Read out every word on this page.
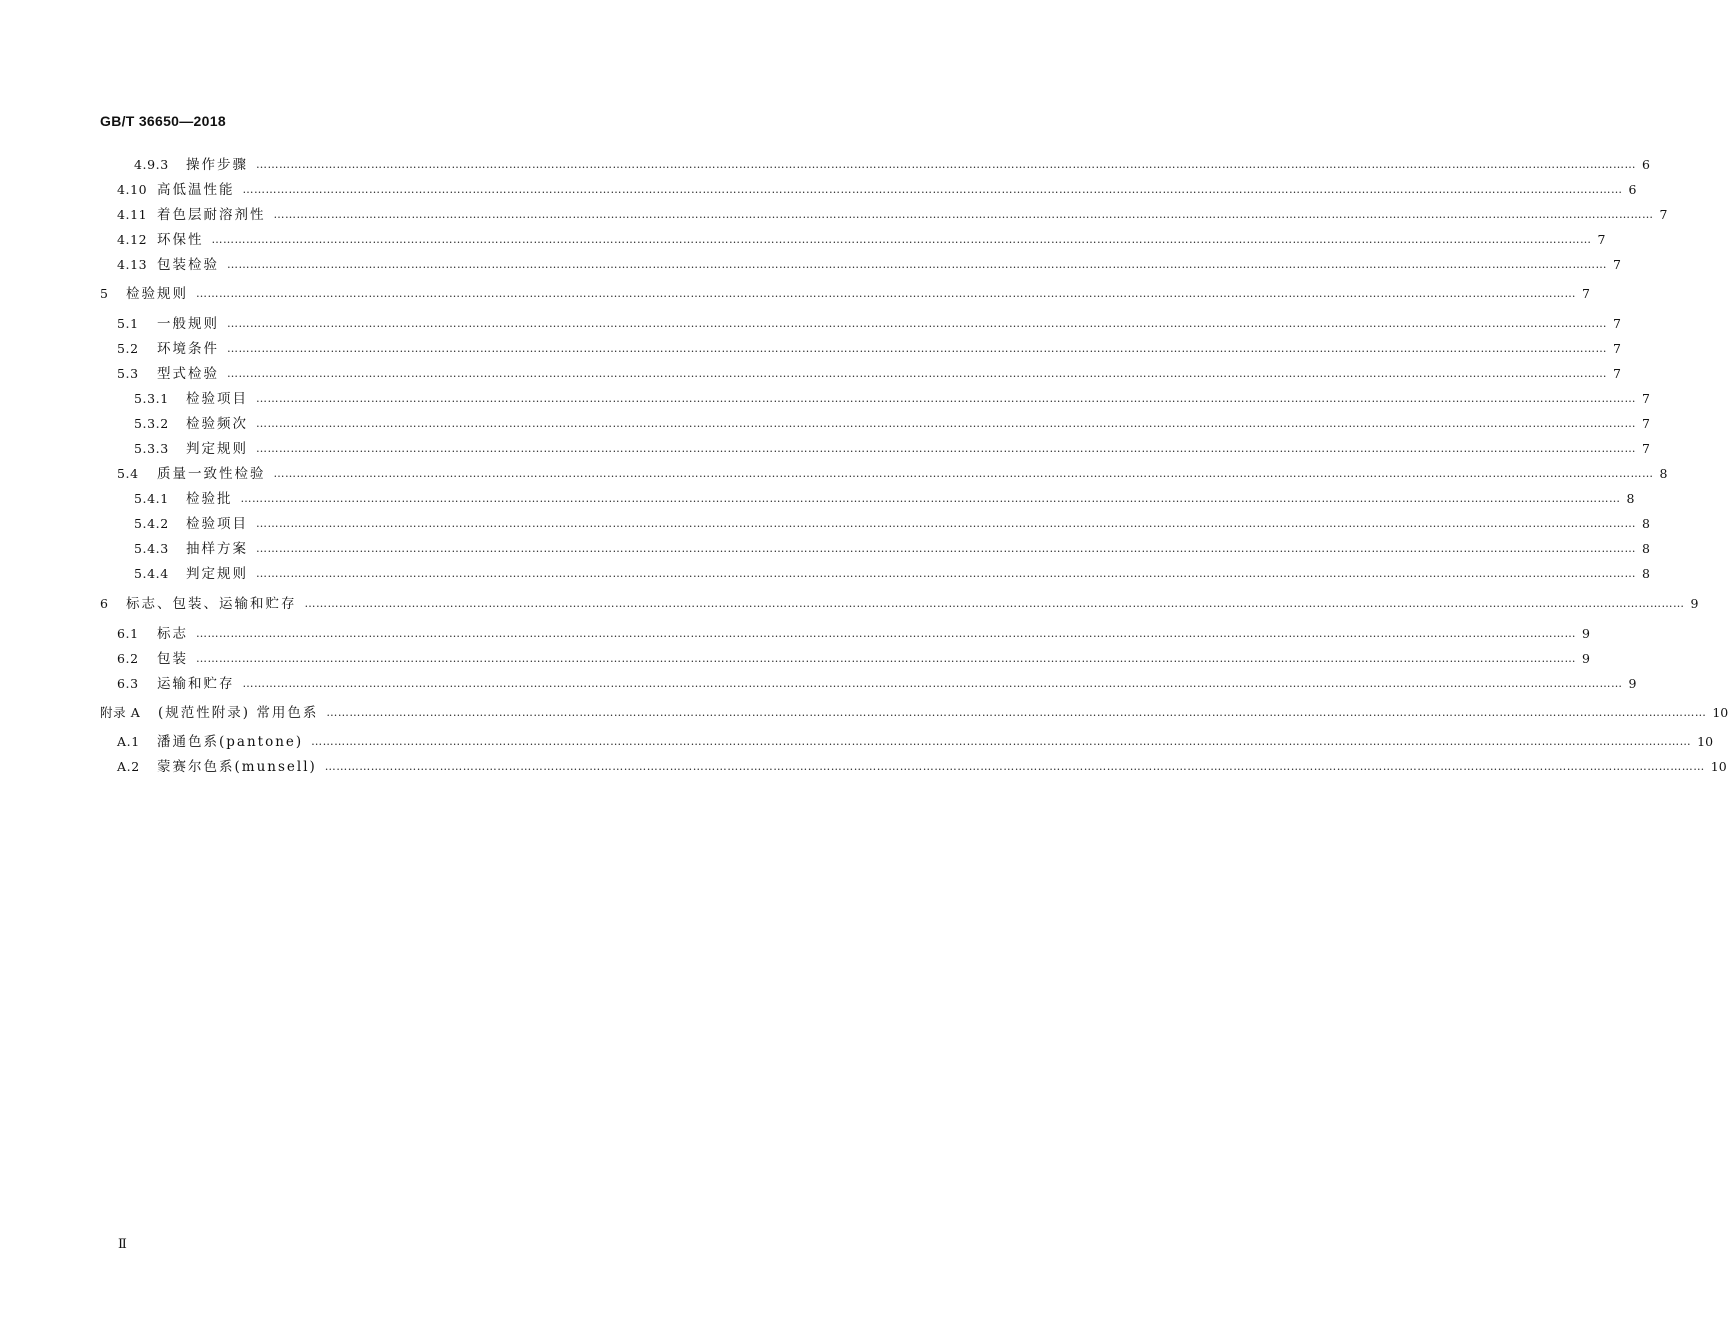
GB/T 36650—2018
4.9.3	操作步骤 ……………………………………………………………………………………………………………………………………………………………………………………………………………………………………………………………………………………………………………………………… 6
4.10 高低温性能 ……………………………………………………………………………………………………………………………………………………………………………………………………………………………………………………………………………………………………………………………… 6
4.11 着色层耐溶剂性 ……………………………………………………………………………………………………………………………………………………………………………………………………………………………………………………………………………………………………………………………… 7
4.12 环保性 ……………………………………………………………………………………………………………………………………………………………………………………………………………………………………………………………………………………………………………………………… 7
4.13 包装检验 ……………………………………………………………………………………………………………………………………………………………………………………………………………………………………………………………………………………………………………………………… 7
5	检验规则 ……………………………………………………………………………………………………………………………………………………………………………………………………………………………………………………………………………………………………………………………… 7
5.1	一般规则 ……………………………………………………………………………………………………………………………………………………………………………………………………………………………………………………………………………………………………………………………… 7
5.2	环境条件 ……………………………………………………………………………………………………………………………………………………………………………………………………………………………………………………………………………………………………………………………… 7
5.3	型式检验 ……………………………………………………………………………………………………………………………………………………………………………………………………………………………………………………………………………………………………………………………… 7
5.3.1	检验项目 ……………………………………………………………………………………………………………………………………………………………………………………………………………………………………………………………………………………………………………………………… 7
5.3.2	检验频次 ……………………………………………………………………………………………………………………………………………………………………………………………………………………………………………………………………………………………………………………………… 7
5.3.3	判定规则 ……………………………………………………………………………………………………………………………………………………………………………………………………………………………………………………………………………………………………………………………… 7
5.4	质量一致性检验 ……………………………………………………………………………………………………………………………………………………………………………………………………………………………………………………………………………………………………………………………… 8
5.4.1	检验批 ……………………………………………………………………………………………………………………………………………………………………………………………………………………………………………………………………………………………………………………………… 8
5.4.2	检验项目 ……………………………………………………………………………………………………………………………………………………………………………………………………………………………………………………………………………………………………………………………… 8
5.4.3	抽样方案 ……………………………………………………………………………………………………………………………………………………………………………………………………………………………………………………………………………………………………………………………… 8
5.4.4	判定规则 ……………………………………………………………………………………………………………………………………………………………………………………………………………………………………………………………………………………………………………………………… 8
6	标志、包装、运输和贮存 ……………………………………………………………………………………………………………………………………………………………………………………………………………………………………………………………………………………………………………………………… 9
6.1	标志 ……………………………………………………………………………………………………………………………………………………………………………………………………………………………………………………………………………………………………………………………… 9
6.2	包装 ……………………………………………………………………………………………………………………………………………………………………………………………………………………………………………………………………………………………………………………………… 9
6.3	运输和贮存 ……………………………………………………………………………………………………………………………………………………………………………………………………………………………………………………………………………………………………………………………… 9
附录 A	(规范性附录) 常用色系 ……………………………………………………………………………………………………………………………………………………………………………………………………………………………………………………………………………………………………………………………… 10
A.1	潘通色系(pantone) ……………………………………………………………………………………………………………………………………………………………………………………………………………………………………………………………………………………………………………………………… 10
A.2	蒙赛尔色系(munsell) ……………………………………………………………………………………………………………………………………………………………………………………………………………………………………………………………………………………………………………………………… 10
Ⅱ
